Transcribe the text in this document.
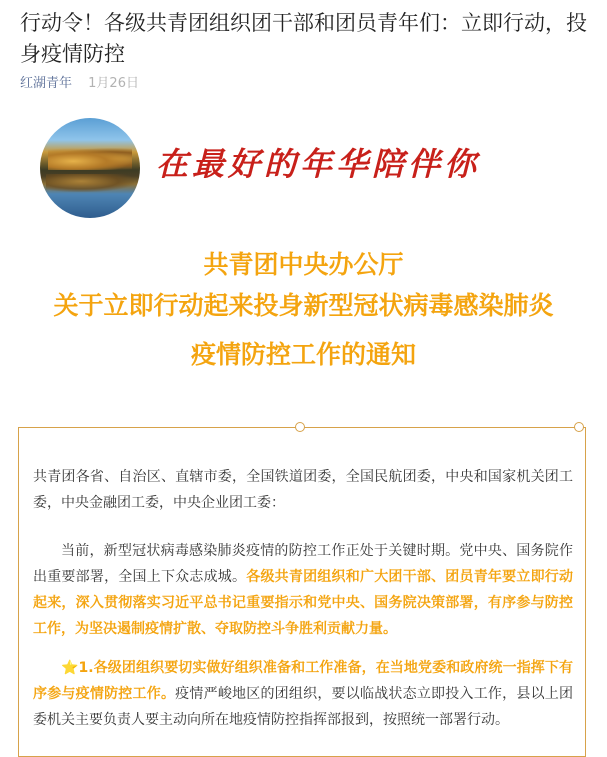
行动令！各级共青团组织团干部和团员青年们：立即行动，投身疫情防控
红湖青年 1月26日
在最好的年华陪伴你
共青团中央办公厅
关于立即行动起来投身新型冠状病毒感染肺炎
疫情防控工作的通知

共青团各省、自治区、直辖市委，全国铁道团委，全国民航团委，中央和国家机关团工委，中央金融团工委，中央企业团工委：

当前，新型冠状病毒感染肺炎疫情的防控工作正处于关键时期。党中央、国务院作出重要部署，全国上下众志成城。各级共青团组织和广大团干部、团员青年要立即行动起来，深入贯彻落实习近平总书记重要指示和党中央、国务院决策部署，有序参与防控工作，为坚决遏制疫情扩散、夺取防控斗争胜利贡献力量。

⭐1.各级团组织要切实做好组织准备和工作准备，在当地党委和政府统一指挥下有序参与疫情防控工作。疫情严峻地区的团组织，要以临战状态立即投入工作，县以上团委机关主要负责人要主动向所在地疫情防控指挥部报到，按照统一部署行动。
